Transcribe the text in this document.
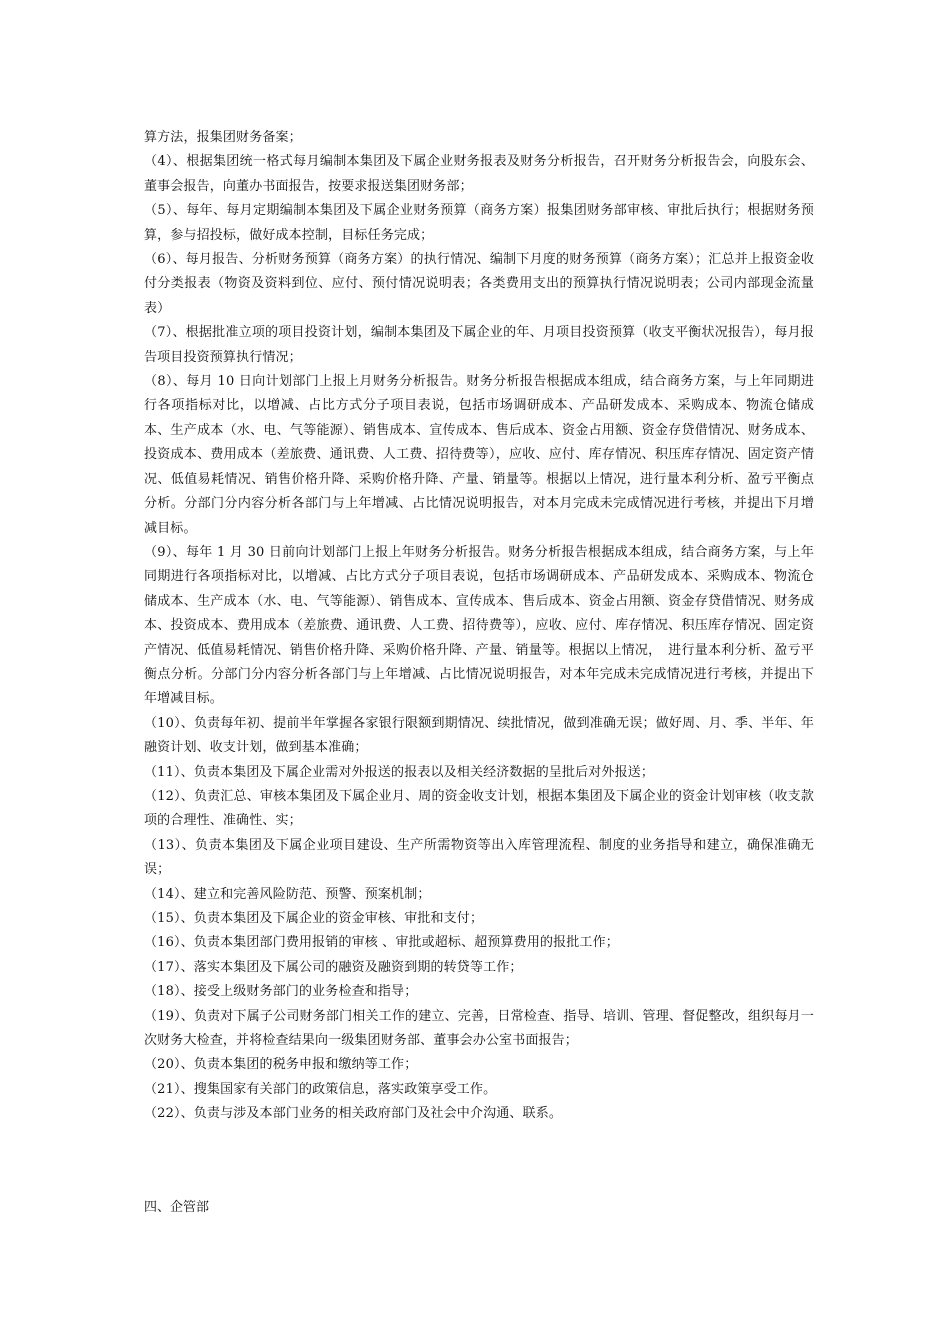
算方法，报集团财务备案；

（4）、根据集团统一格式每月编制本集团及下属企业财务报表及财务分析报告，召开财务分析报告会，向股东会、董事会报告，向董办书面报告，按要求报送集团财务部；

（5）、每年、每月定期编制本集团及下属企业财务预算（商务方案）报集团财务部审核、审批后执行；根据财务预算，参与招投标，做好成本控制，目标任务完成；

（6）、每月报告、分析财务预算（商务方案）的执行情况、编制下月度的财务预算（商务方案）；汇总并上报资金收付分类报表（物资及资料到位、应付、预付情况说明表；各类费用支出的预算执行情况说明表；公司内部现金流量表）

（7）、根据批准立项的项目投资计划，编制本集团及下属企业的年、月项目投资预算（收支平衡状况报告），每月报告项目投资预算执行情况；

（8）、每月 10 日向计划部门上报上月财务分析报告。财务分析报告根据成本组成，结合商务方案，与上年同期进行各项指标对比，以增减、占比方式分子项目表说，包括市场调研成本、产品研发成本、采购成本、物流仓储成本、生产成本（水、电、气等能源）、销售成本、宣传成本、售后成本、资金占用额、资金存贷借情况、财务成本、投资成本、费用成本（差旅费、通讯费、人工费、招待费等），应收、应付、库存情况、积压库存情况、固定资产情况、低值易耗情况、销售价格升降、采购价格升降、产量、销量等。根据以上情况，进行量本利分析、盈亏平衡点分析。分部门分内容分析各部门与上年增减、占比情况说明报告，对本月完成未完成情况进行考核，并提出下月增减目标。

（9）、每年 1 月 30 日前向计划部门上报上年财务分析报告。财务分析报告根据成本组成，结合商务方案，与上年同期进行各项指标对比，以增减、占比方式分子项目表说，包括市场调研成本、产品研发成本、采购成本、物流仓储成本、生产成本（水、电、气等能源）、销售成本、宣传成本、售后成本、资金占用额、资金存贷借情况、财务成本、投资成本、费用成本（差旅费、通讯费、人工费、招待费等），应收、应付、库存情况、积压库存情况、固定资产情况、低值易耗情况、销售价格升降、采购价格升降、产量、销量等。根据以上情况，　进行量本利分析、盈亏平衡点分析。分部门分内容分析各部门与上年增减、占比情况说明报告，对本年完成未完成情况进行考核，并提出下年增减目标。

（10）、负责每年初、提前半年掌握各家银行限额到期情况、续批情况，做到准确无误；做好周、月、季、半年、年融资计划、收支计划，做到基本准确；

（11）、负责本集团及下属企业需对外报送的报表以及相关经济数据的呈批后对外报送；

（12）、负责汇总、审核本集团及下属企业月、周的资金收支计划，根据本集团及下属企业的资金计划审核（收支款项的合理性、准确性、实；

（13）、负责本集团及下属企业项目建设、生产所需物资等出入库管理流程、制度的业务指导和建立，确保准确无误；

（14）、建立和完善风险防范、预警、预案机制；

（15）、负责本集团及下属企业的资金审核、审批和支付；

（16）、负责本集团部门费用报销的审核 、审批或超标、超预算费用的报批工作；

（17）、落实本集团及下属公司的融资及融资到期的转贷等工作；

（18）、接受上级财务部门的业务检查和指导；

（19）、负责对下属子公司财务部门相关工作的建立、完善，日常检查、指导、培训、管理、督促整改，组织每月一次财务大检查，并将检查结果向一级集团财务部、董事会办公室书面报告；

（20）、负责本集团的税务申报和缴纳等工作；

（21）、搜集国家有关部门的政策信息，落实政策享受工作。

（22）、负责与涉及本部门业务的相关政府部门及社会中介沟通、联系。

四、企管部
